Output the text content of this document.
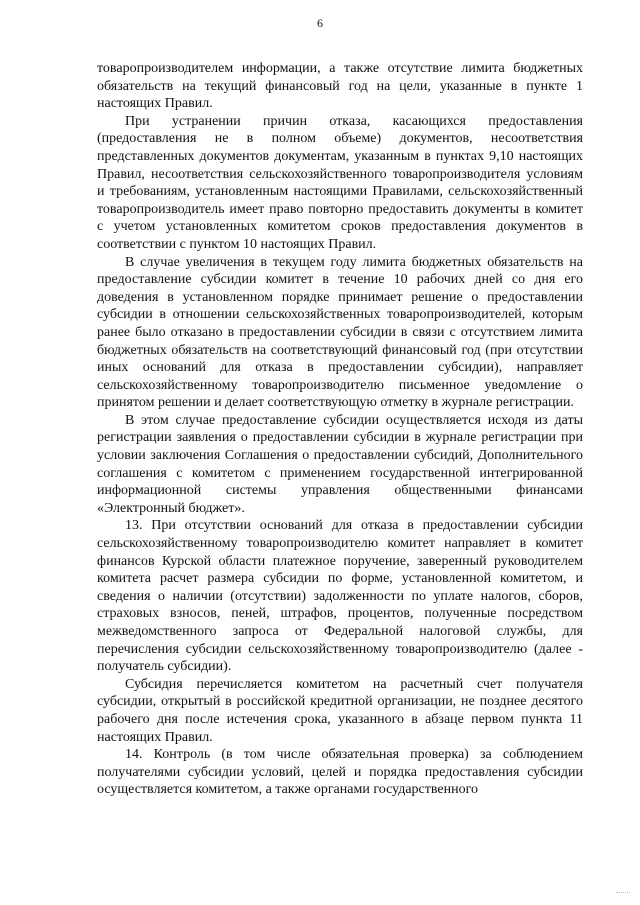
6

товаропроизводителем информации, а также отсутствие лимита бюджетных обязательств на текущий финансовый год на цели, указанные в пункте 1 настоящих Правил.

При устранении причин отказа, касающихся предоставления (предоставления не в полном объеме) документов, несоответствия представленных документов документам, указанным в пунктах 9,10 настоящих Правил, несоответствия сельскохозяйственного товаропроизводителя условиям и требованиям, установленным настоящими Правилами, сельскохозяйственный товаропроизводитель имеет право повторно предоставить документы в комитет с учетом установленных комитетом сроков предоставления документов в соответствии с пунктом 10 настоящих Правил.

В случае увеличения в текущем году лимита бюджетных обязательств на предоставление субсидии комитет в течение 10 рабочих дней со дня его доведения в установленном порядке принимает решение о предоставлении субсидии в отношении сельскохозяйственных товаропроизводителей, которым ранее было отказано в предоставлении субсидии в связи с отсутствием лимита бюджетных обязательств на соответствующий финансовый год (при отсутствии иных оснований для отказа в предоставлении субсидии), направляет сельскохозяйственному товаропроизводителю письменное уведомление о принятом решении и делает соответствующую отметку в журнале регистрации.

В этом случае предоставление субсидии осуществляется исходя из даты регистрации заявления о предоставлении субсидии в журнале регистрации при условии заключения Соглашения о предоставлении субсидий, Дополнительного соглашения с комитетом с применением государственной интегрированной информационной системы управления общественными финансами «Электронный бюджет».

13. При отсутствии оснований для отказа в предоставлении субсидии сельскохозяйственному товаропроизводителю комитет направляет в комитет финансов Курской области платежное поручение, заверенный руководителем комитета расчет размера субсидии по форме, установленной комитетом, и сведения о наличии (отсутствии) задолженности по уплате налогов, сборов, страховых взносов, пеней, штрафов, процентов, полученные посредством межведомственного запроса от Федеральной налоговой службы, для перечисления субсидии сельскохозяйственному товаропроизводителю (далее - получатель субсидии).

Субсидия перечисляется комитетом на расчетный счет получателя субсидии, открытый в российской кредитной организации, не позднее десятого рабочего дня после истечения срока, указанного в абзаце первом пункта 11 настоящих Правил.

14. Контроль (в том числе обязательная проверка) за соблюдением получателями субсидии условий, целей и порядка предоставления субсидии осуществляется комитетом, а также органами государственного
